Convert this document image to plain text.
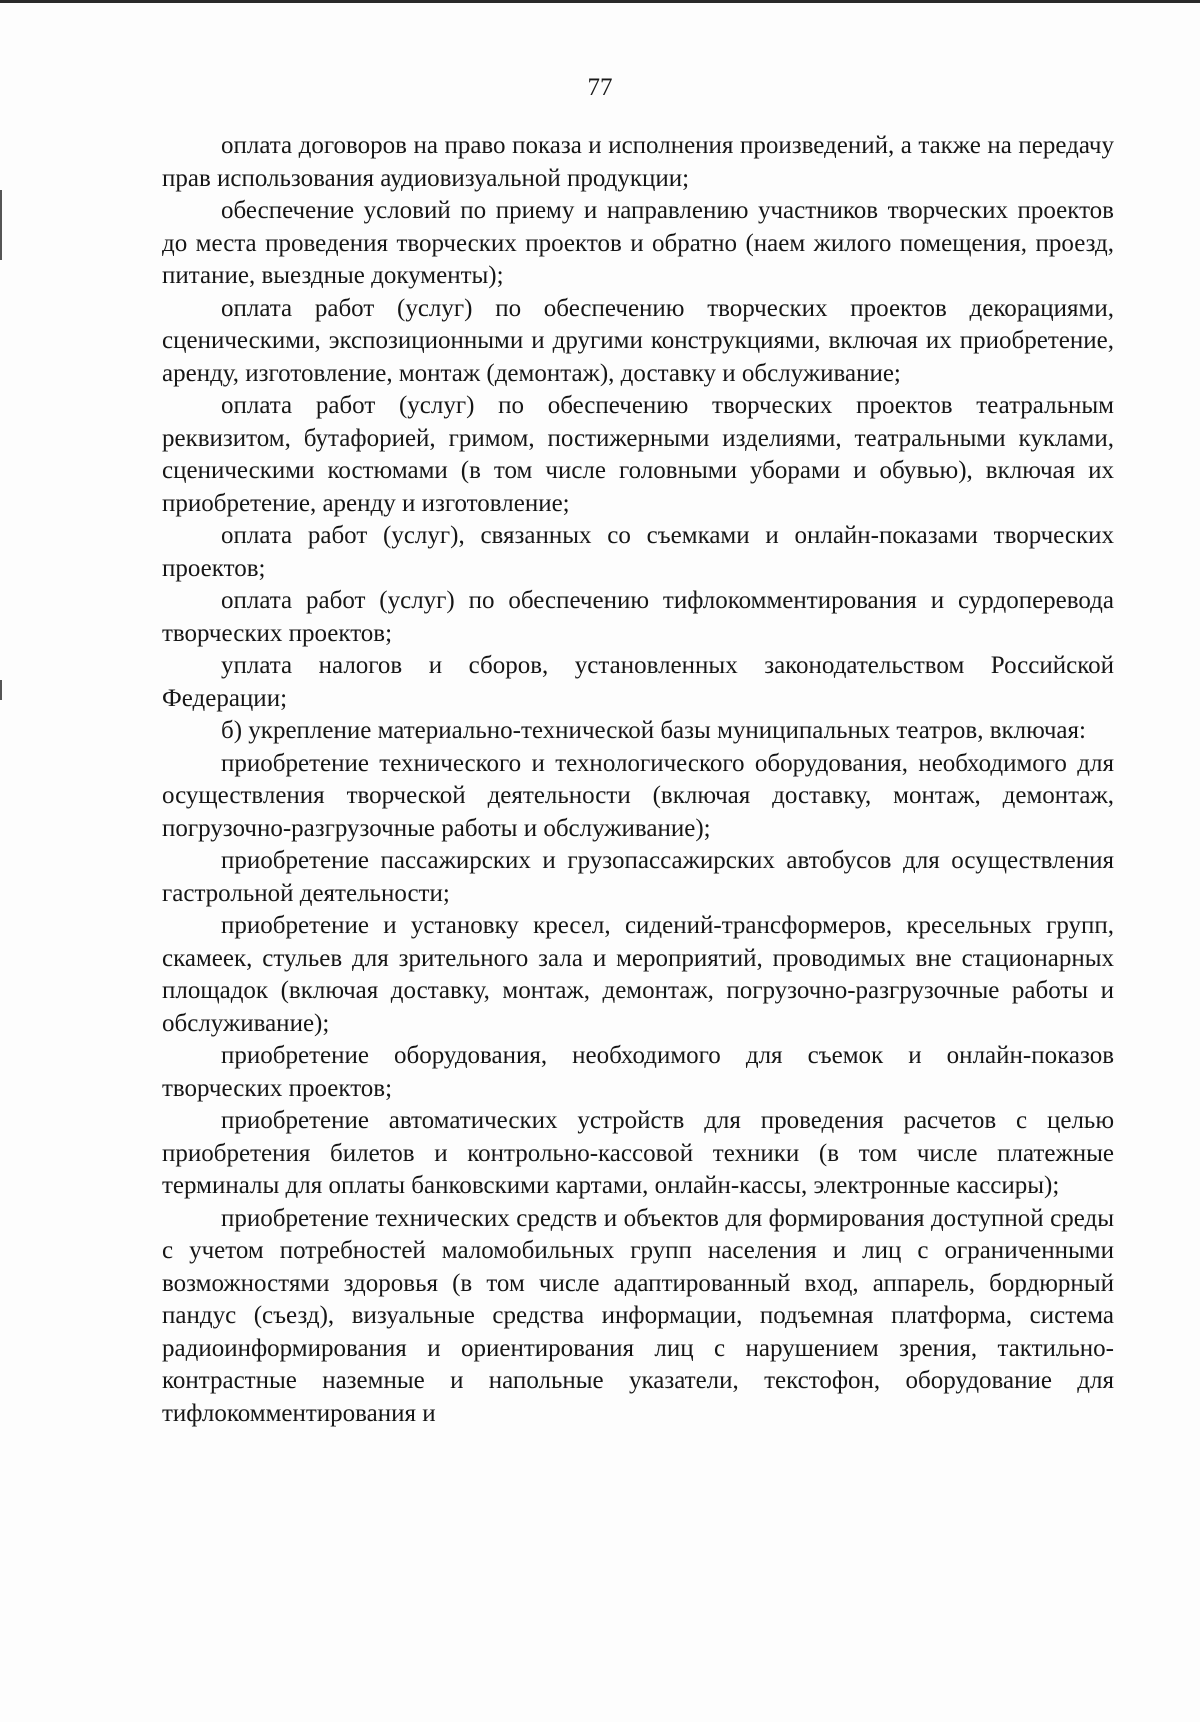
77

оплата договоров на право показа и исполнения произведений, а также на передачу прав использования аудиовизуальной продукции;

обеспечение условий по приему и направлению участников творческих проектов до места проведения творческих проектов и обратно (наем жилого помещения, проезд, питание, выездные документы);

оплата работ (услуг) по обеспечению творческих проектов декорациями, сценическими, экспозиционными и другими конструкциями, включая их приобретение, аренду, изготовление, монтаж (демонтаж), доставку и обслуживание;

оплата работ (услуг) по обеспечению творческих проектов театральным реквизитом, бутафорией, гримом, постижерными изделиями, театральными куклами, сценическими костюмами (в том числе головными уборами и обувью), включая их приобретение, аренду и изготовление;

оплата работ (услуг), связанных со съемками и онлайн-показами творческих проектов;

оплата работ (услуг) по обеспечению тифлокомментирования и сурдоперевода творческих проектов;

уплата налогов и сборов, установленных законодательством Российской Федерации;

б) укрепление материально-технической базы муниципальных театров, включая:

приобретение технического и технологического оборудования, необходимого для осуществления творческой деятельности (включая доставку, монтаж, демонтаж, погрузочно-разгрузочные работы и обслуживание);

приобретение пассажирских и грузопассажирских автобусов для осуществления гастрольной деятельности;

приобретение и установку кресел, сидений-трансформеров, кресельных групп, скамеек, стульев для зрительного зала и мероприятий, проводимых вне стационарных площадок (включая доставку, монтаж, демонтаж, погрузочно-разгрузочные работы и обслуживание);

приобретение оборудования, необходимого для съемок и онлайн-показов творческих проектов;

приобретение автоматических устройств для проведения расчетов с целью приобретения билетов и контрольно-кассовой техники (в том числе платежные терминалы для оплаты банковскими картами, онлайн-кассы, электронные кассиры);

приобретение технических средств и объектов для формирования доступной среды с учетом потребностей маломобильных групп населения и лиц с ограниченными возможностями здоровья (в том числе адаптированный вход, аппарель, бордюрный пандус (съезд), визуальные средства информации, подъемная платформа, система радиоинформирования и ориентирования лиц с нарушением зрения, тактильно-контрастные наземные и напольные указатели, текстофон, оборудование для тифлокомментирования и
